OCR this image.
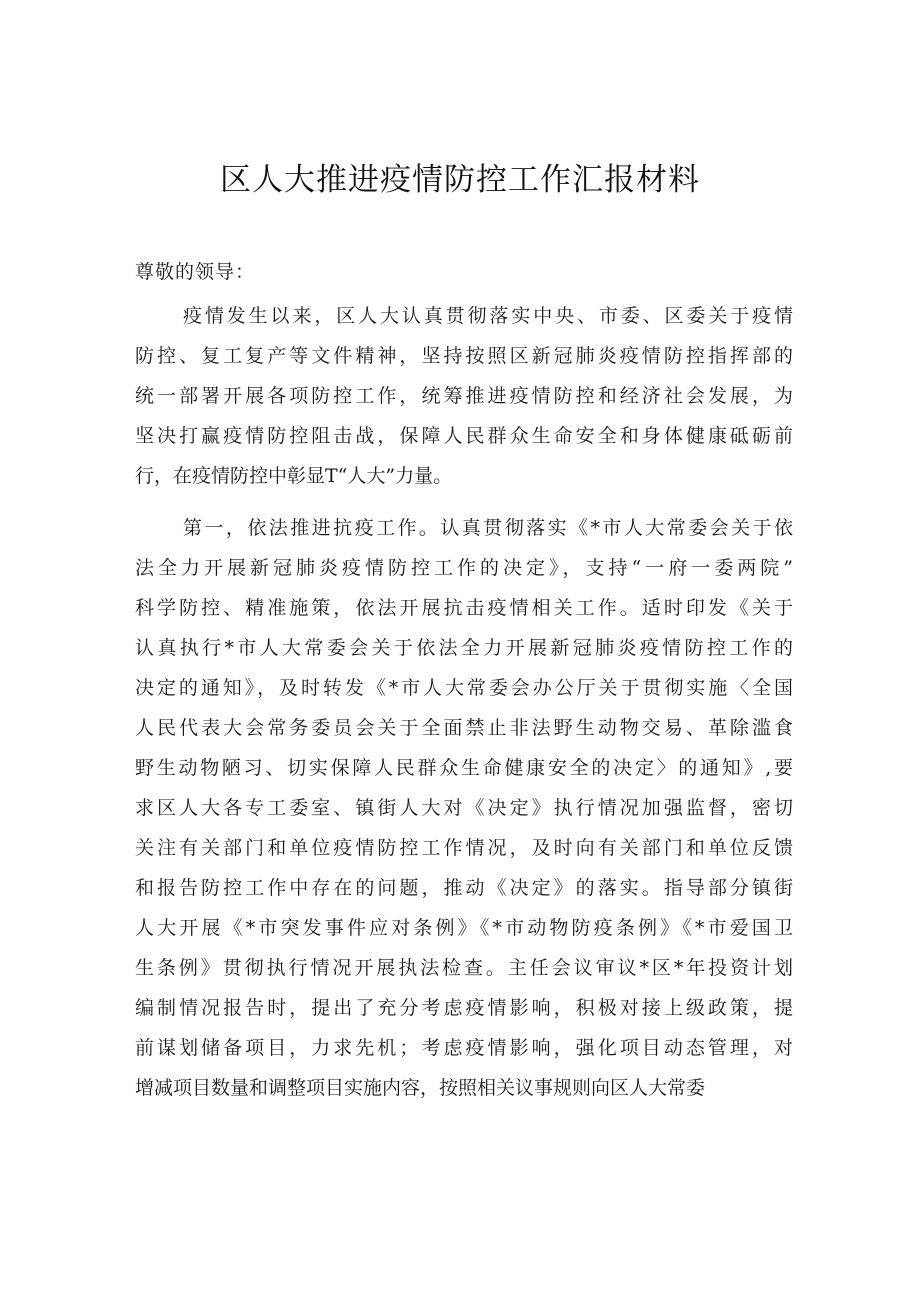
区人大推进疫情防控工作汇报材料

尊敬的领导：

疫情发生以来，区人大认真贯彻落实中央、市委、区委关于疫情
防控、复工复产等文件精神，坚持按照区新冠肺炎疫情防控指挥部的
统一部署开展各项防控工作，统筹推进疫情防控和经济社会发展，为
坚决打赢疫情防控阻击战，保障人民群众生命安全和身体健康砥砺前
行，在疫情防控中彰显T“人大”力量。
第一，依法推进抗疫工作。认真贯彻落实《*市人大常委会关于依
法全力开展新冠肺炎疫情防控工作的决定》，支持“一府一委两院”
科学防控、精准施策，依法开展抗击疫情相关工作。适时印发《关于
认真执行*市人大常委会关于依法全力开展新冠肺炎疫情防控工作的
决定的通知》，及时转发《*市人大常委会办公厅关于贯彻实施〈全国
人民代表大会常务委员会关于全面禁止非法野生动物交易、革除滥食
野生动物陋习、切实保障人民群众生命健康安全的决定〉的通知》,要
求区人大各专工委室、镇街人大对《决定》执行情况加强监督，密切
关注有关部门和单位疫情防控工作情况，及时向有关部门和单位反馈
和报告防控工作中存在的问题，推动《决定》的落实。指导部分镇街
人大开展《*市突发事件应对条例》《*市动物防疫条例》《*市爱国卫
生条例》贯彻执行情况开展执法检查。主任会议审议*区*年投资计划
编制情况报告时，提出了充分考虑疫情影响，积极对接上级政策，提
前谋划储备项目，力求先机；考虑疫情影响，强化项目动态管理，对
增减项目数量和调整项目实施内容，按照相关议事规则向区人大常委
